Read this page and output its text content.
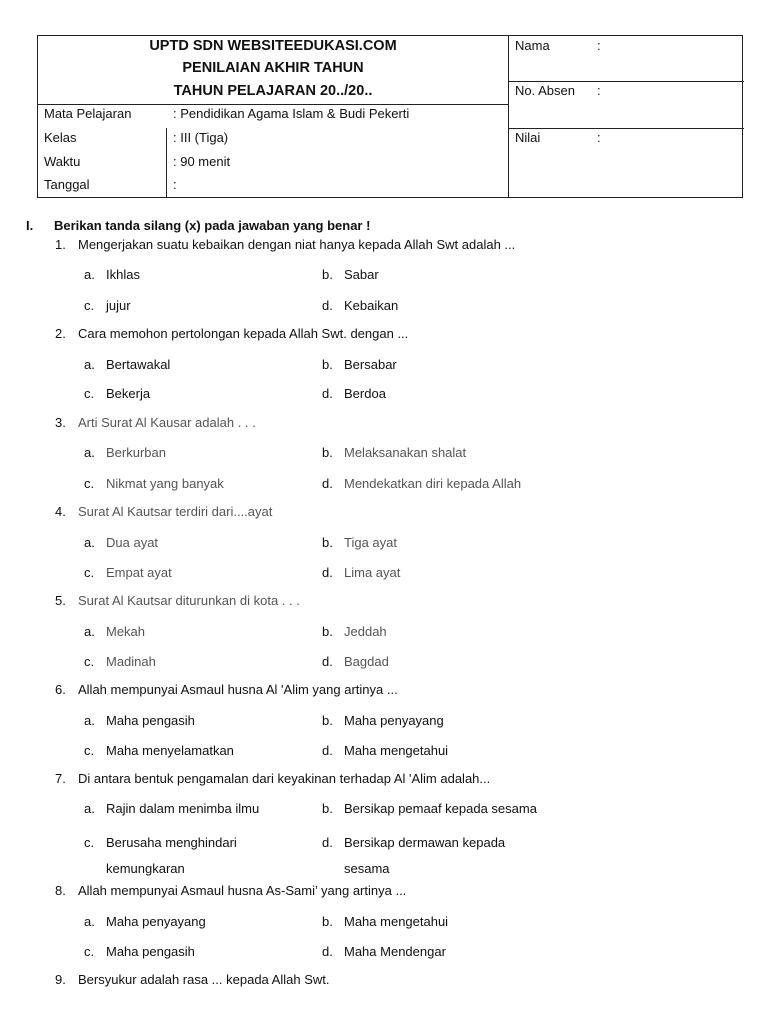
UPTD SDN WEBSITEEDUKASI.COM
PENILAIAN AKHIR TAHUN
TAHUN PELAJARAN 20../20..
Mata Pelajaran	: Pendidikan Agama Islam & Budi Pekerti
Kelas	: III (Tiga)
Waktu	: 90 menit
Tanggal	:
Nama	:
No. Absen :
Nilai	:
I. Berikan tanda silang (x) pada jawaban yang benar !
1. Mengerjakan suatu kebaikan dengan niat hanya kepada Allah Swt adalah ...
a. Ikhlas	b. Sabar
c. jujur	d. Kebaikan
2. Cara memohon pertolongan kepada Allah Swt. dengan ...
a. Bertawakal	b. Bersabar
c. Bekerja	d. Berdoa
3. Arti Surat Al Kausar adalah . . .
a. Berkurban	b. Melaksanakan shalat
c. Nikmat yang banyak	d. Mendekatkan diri kepada Allah
4. Surat Al Kautsar terdiri dari....ayat
a. Dua ayat	b. Tiga ayat
c. Empat ayat	d. Lima ayat
5. Surat Al Kautsar diturunkan di kota . . .
a. Mekah	b. Jeddah
c. Madinah	d. Bagdad
6. Allah mempunyai Asmaul husna Al 'Alim yang artinya ...
a. Maha pengasih	b. Maha penyayang
c. Maha menyelamatkan	d. Maha mengetahui
7. Di antara bentuk pengamalan dari keyakinan terhadap Al 'Alim adalah...
a. Rajin dalam menimba ilmu	b. Bersikap pemaaf kepada sesama
c. Berusaha menghindari kemungkaran
d. Bersikap dermawan kepada sesama
8. Allah mempunyai Asmaul husna As-Sami’ yang artinya ...
a. Maha penyayang	b. Maha mengetahui
c. Maha pengasih	d. Maha Mendengar
9. Bersyukur adalah rasa ... kepada Allah Swt.
